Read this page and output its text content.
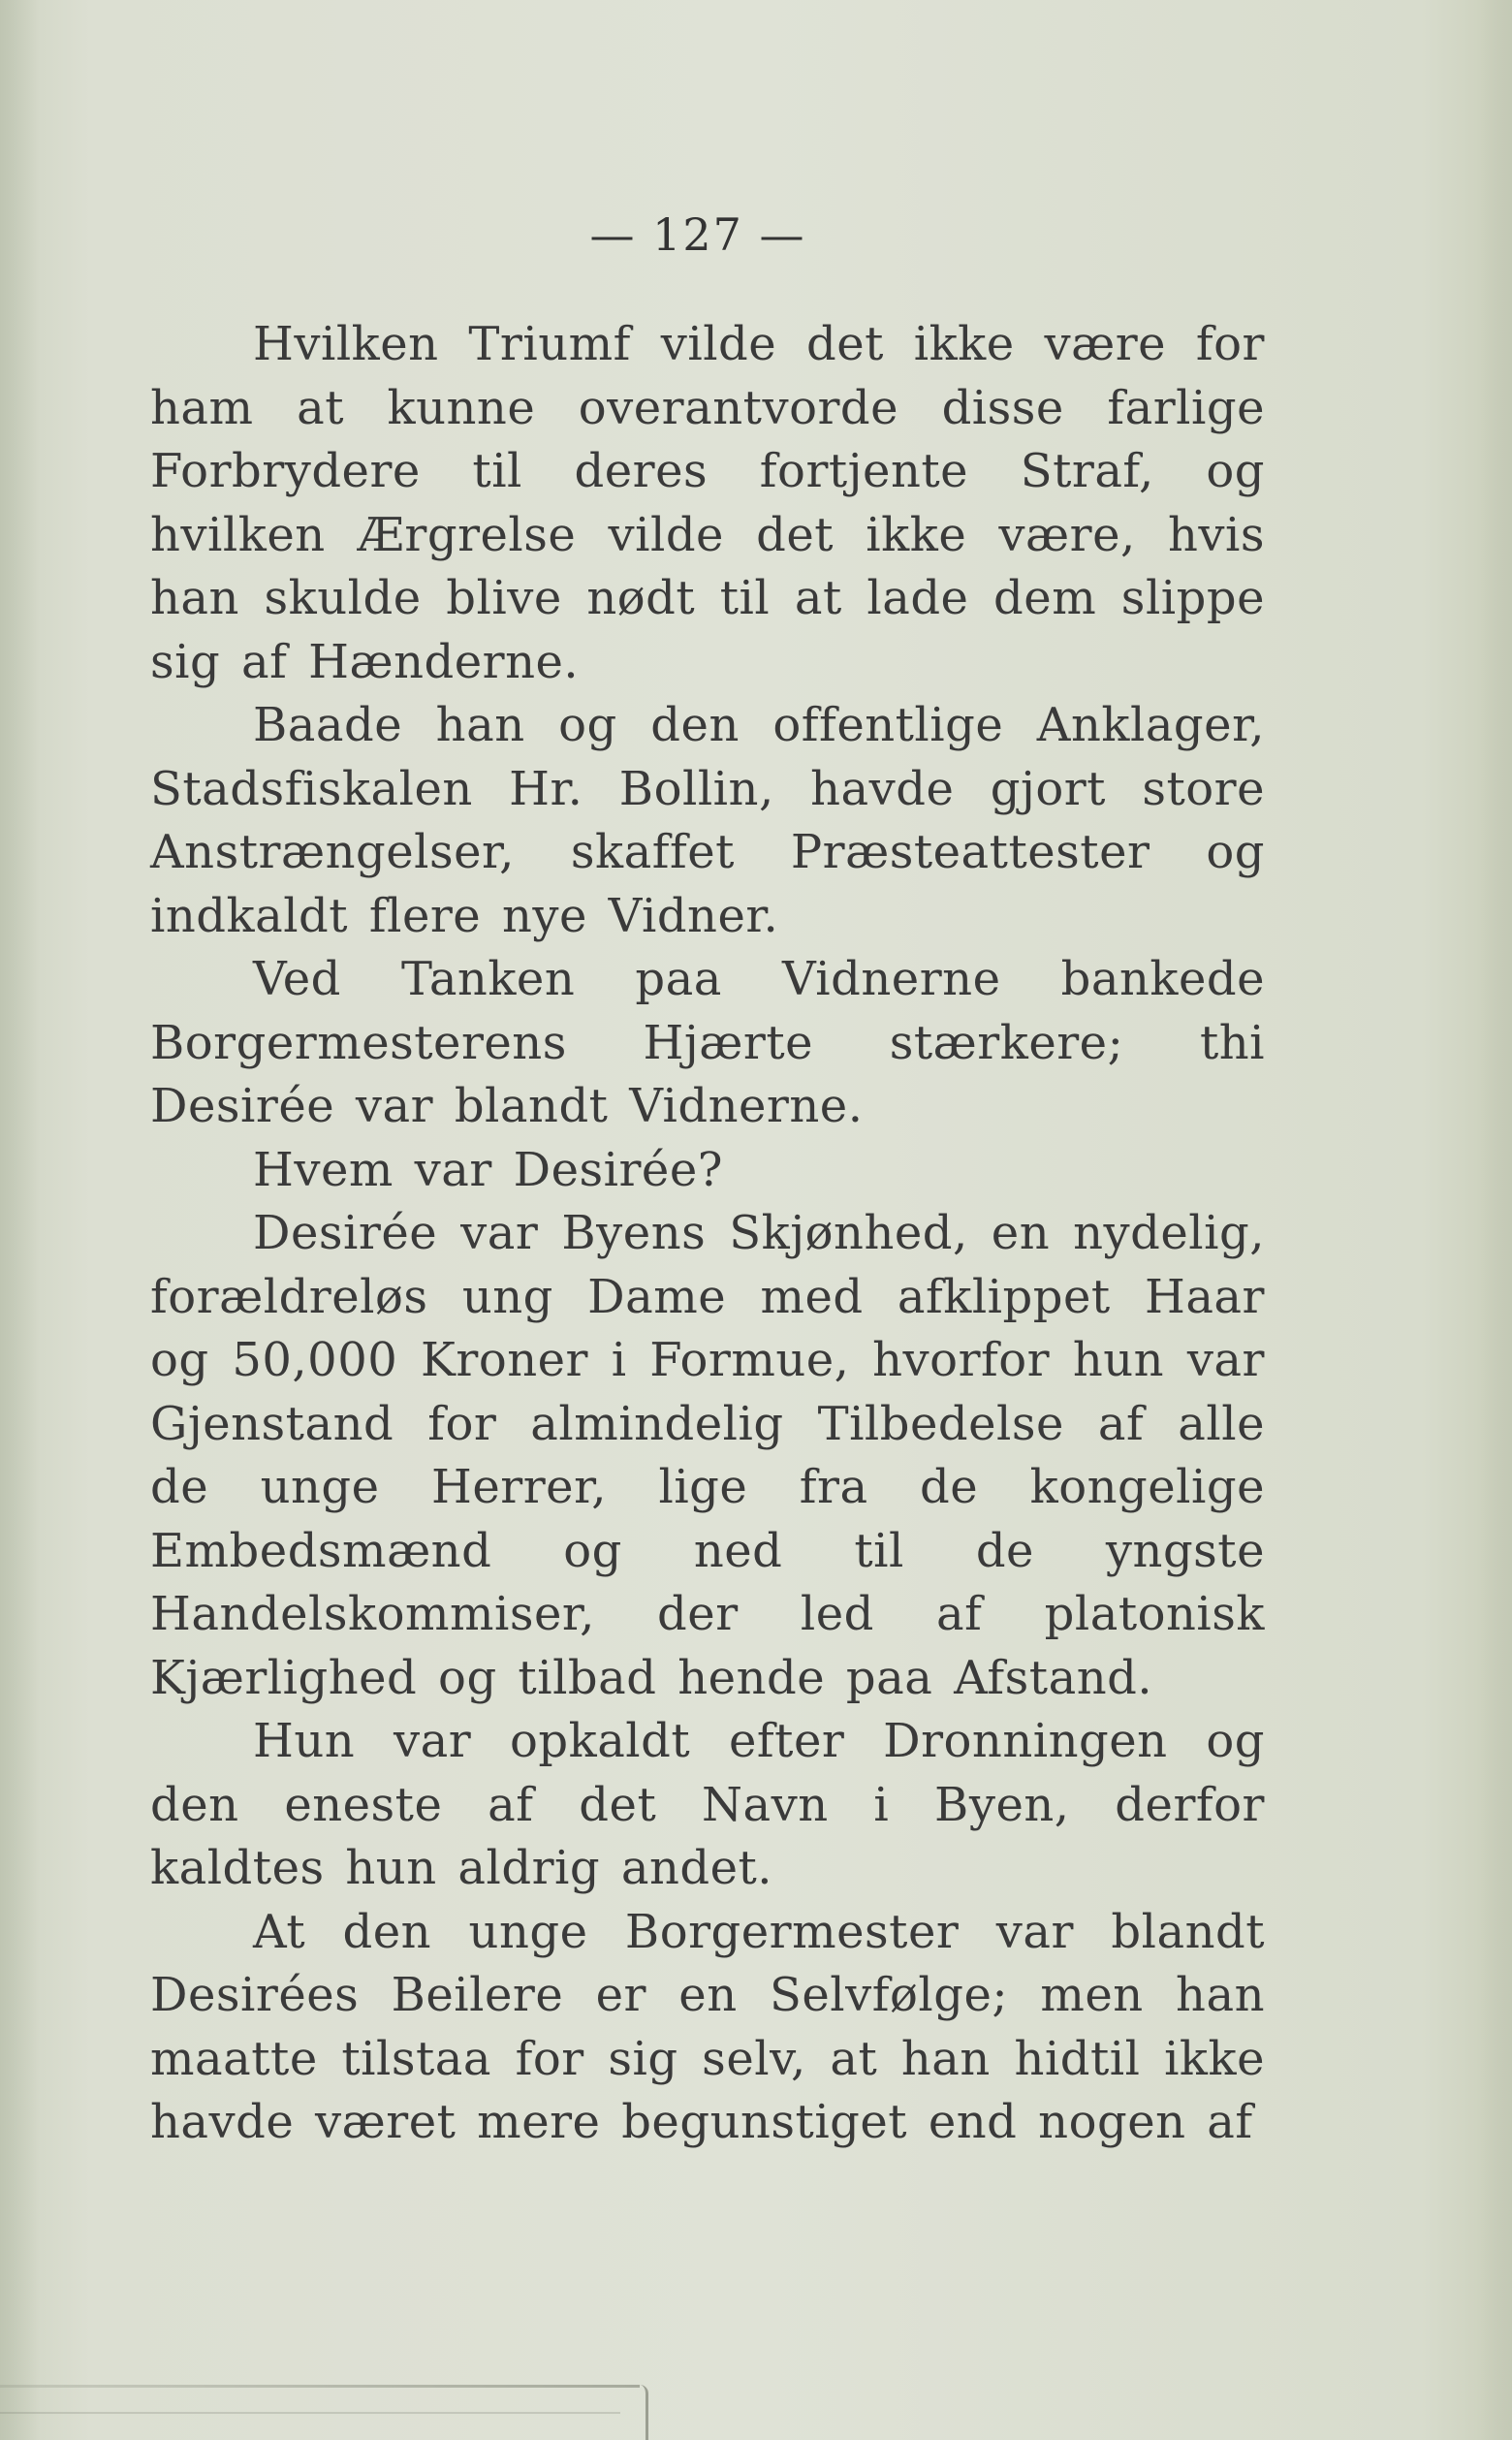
— 127 —

Hvilken Triumf vilde det ikke være for ham at kunne overantvorde disse farlige Forbrydere til deres fortjente Straf, og hvilken Ærgrelse vilde det ikke være, hvis han skulde blive nødt til at lade dem slippe sig af Hænderne.

Baade han og den offentlige Anklager, Stadsfiskalen Hr. Bollin, havde gjort store Anstrængelser, skaffet Præsteattester og indkaldt flere nye Vidner.

Ved Tanken paa Vidnerne bankede Borgermesterens Hjærte stærkere; thi Desirée var blandt Vidnerne.

Hvem var Desirée?

Desirée var Byens Skjønhed, en nydelig, forældreløs ung Dame med afklippet Haar og 50,000 Kroner i Formue, hvorfor hun var Gjenstand for almindelig Tilbedelse af alle de unge Herrer, lige fra de kongelige Embedsmænd og ned til de yngste Handelskommiser, der led af platonisk Kjærlighed og tilbad hende paa Afstand.

Hun var opkaldt efter Dronningen og den eneste af det Navn i Byen, derfor kaldtes hun aldrig andet.

At den unge Borgermester var blandt Desirées Beilere er en Selvfølge; men han maatte tilstaa for sig selv, at han hidtil ikke havde været mere begunstiget end nogen af
